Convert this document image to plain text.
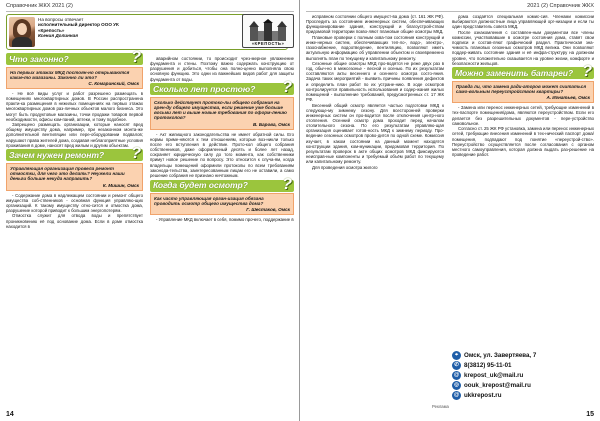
Справочник ЖКХ 2021 (2)
На вопросы отвечает
исполнительный директор ООО УК «Крепость»
Ксения Долинная
Что законно?	?
На первых этажах МКД постоян-но открываются какие-то магазины. Законно ли это?
С. Комаринский, Омск

- Не всё виды услуг и работ разрешено размещать в помещениях многоквартирных домов. В России распространена практи-ка размещения в нежилых помещениях на первых этажах многоквартирных домов раз-личных объектов малого бизнеса. Это могут быть продуктовые магазины, точки продажи товаров первой необходимости, офисы ком-паний, аптеки, и тому подобное.

Запрещено размещать организации, которые наносят вред общему имуществу дома, например, при незаконном монта-же дополнительной вентиляции или пере-оборудовании подвалов; нарушают права жителей дома, создавая неблагоприятные условия проживания в доме, наносят вред жилым и другим объектам.

Зачем нужен ремонт?	?
Управляющая организация провела ремонт отмостки, для чего это делать? Неужели наши деньги больше некуда направить?
К. Мишин, Омск

- Содержание дома в надлежащем состоянии и ремонт общего имущества соб-ственников - основная функция управляю-щих организаций. К такому имуществу отно-сится и отмостка дома, разрушение которой приводит к большим энергопотерям.

Отмостка служит для отвода воды и препятствует проникновению её под основание дома. Если в доме отмостка находится в

«КРЕПОСТЬ»

аварийном состоянии, то происходит чрез-мерное увлажнение фундамента и стены. Поэтому важно содержать конструкцию от разрушения и добиться, чтобы она полно-ценно выполняла свою основную функцию. Это одни из важнейших видов работ для защиты фундамента от воды.

Сколько лет простою?	?
Сколько действует протоко-лы общего собрания на арен-ду общего имущества, если решение уже больше восьми лет и выше новые требования по оформ-лению протоколов?
В. Барова, Омск

- Акт жилищного законодательства не имеет обратной силы. Его нормы приме-няются к тем отношениям, которые воз-никли только после его вступления в действие. Прото-кол общего собрания собственников, даже оформленный десять и более лет назад, сохраняет юридическую силу до того момента, как собственники примут новое решение по вопросу. Это относится к случа-ям, когда владельцы помещений оформили протоколы по всем требованиям законода-тельства, заинтересованным лицам его не оставили, а само решение собрания не признано ничтожным.

Когда будет осмотр?	?
Как часто управляющая орган-изация обязана проводить осмотр общего имущества дома?
Г. Шестаков, Омск

- Управление МКД включает в себя, помимо прочего, поддержание в

14
2021 (2) Справочник ЖКХ

исправном состоянии общего имущест-ва дома (ст. 161 ЖК РФ). Проследить за состоянием инженерных систем, обеспечивающих функционирование здания, конструкций и благоустрой-ством придомовой территории позво-ляют плановые общие осмотры МКД.

Плановые проверки с полным охва-том состояния конструкций и инже-нерных систем, обеспечивающих теп-ло-, водо-, электро-, газоснабжение, водоотведение, вентиляцию, позволяют иметь актуальную информацию об управлении объектом и своевременно выполнять план по текущему и капитальному ремонту.

Сезонные общие осмотры МКД про-водятся не реже двух раз в год, обыч-но в межсезонье - весной и осенью. По их результатам составляются акты весеннего и осеннего осмотра состо-яния. Задача таких мероприятий - выявить причины появления дефектов и определить план работ по их устране-нию. В ходе осмотров контролируется правильность использования и содер-жания жилых помещений - выполнение требований, предусмотренных ст. 17 ЖК РФ.

Весенний общий осмотр является частью подготовки МКД к следующе-му зимнему сезону. Для всесторонней проверки инженерных систем он про-водится после отключения центр-ного отопления. Осенний осмотр дома проходит перед началом отопительного сезона. По его результатам управляю-щая организация оценивает готов-ность МКД к зимнему периоду. Про-ведение сезонных осмотров прово-дится по одной схеме. Комиссия изучает, в каком состоянии на данный момент находятся конструкции здания, ком-муникации, придомовая территория. По результатам проверок в акте общих осмотров МКД фиксируются неисправ-ные компоненты и требуемый объём работ по текущему или капитальному ремонту.

Для проведения осмотра жилого

дома создаётся специальная комис-сия. Членами комиссии выбираются должностные лица управляющей орг-низации и если ты один представитель совета МКД.

После ознакомления с составлен-ным документом все члены комиссии, участвовавшие в осмотре состояния дома, ставят свои подписи и состав-ляют графический раздел. Практическая зна-чимость плановых сезонных осмотров МКД велика. Они позволяют поддер-живать состояние здания и её инфра-структуру на должном уровне, что положительно сказывается на уровне жизни, комфорте и безопасности жильцов.

Можно заменить батареи? ?
Правда ли, что замена ради-аторов может считаться само-вольным переустройством квартиры?
А. Игнатьев, Омск

- Замена или перенос инженерных сетей, требующие изменений в тех-паспорте помещения/дома, являются переустройством. Если его делается без разрешительных документов - пере-устройство самовольное.

Согласно ст. 25 ЖК РФ установка, замена или перенос инженерных сетей, требующие внесения изменений в тех-нический паспорт дома/помещения, подпадают под понятие «переустрой-ство». Переустройство осуществляется после согласования с органом местного самоуправления, которая должна выдать раз-решение на проведение работ.

⌖ Омск, ул. Завертяева, 7
✆ 8(3812) 95-11-01
@ krepost_uk@mail.ru
◎ oouk_krepost@mail.ru
@ ukkrepost.ru
Реклама
15
